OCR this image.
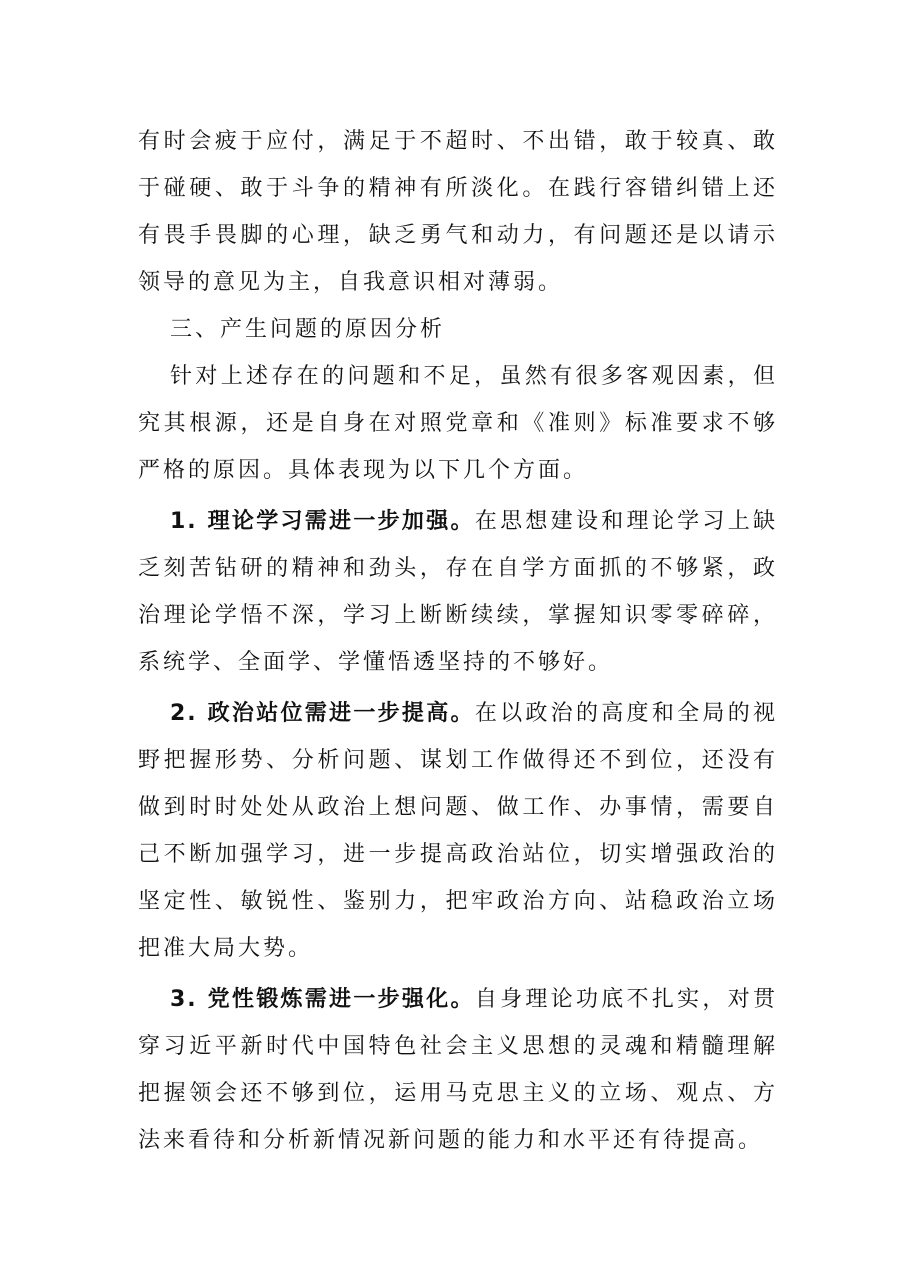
有时会疲于应付，满足于不超时、不出错，敢于较真、敢于碰硬、敢于斗争的精神有所淡化。在践行容错纠错上还有畏手畏脚的心理，缺乏勇气和动力，有问题还是以请示领导的意见为主，自我意识相对薄弱。

三、产生问题的原因分析

针对上述存在的问题和不足，虽然有很多客观因素，但究其根源，还是自身在对照党章和《准则》标准要求不够严格的原因。具体表现为以下几个方面。

1. 理论学习需进一步加强。在思想建设和理论学习上缺乏刻苦钻研的精神和劲头，存在自学方面抓的不够紧，政治理论学悟不深，学习上断断续续，掌握知识零零碎碎，系统学、全面学、学懂悟透坚持的不够好。

2. 政治站位需进一步提高。在以政治的高度和全局的视野把握形势、分析问题、谋划工作做得还不到位，还没有做到时时处处从政治上想问题、做工作、办事情，需要自己不断加强学习，进一步提高政治站位，切实增强政治的坚定性、敏锐性、鉴别力，把牢政治方向、站稳政治立场把准大局大势。

3. 党性锻炼需进一步强化。自身理论功底不扎实，对贯穿习近平新时代中国特色社会主义思想的灵魂和精髓理解把握领会还不够到位，运用马克思主义的立场、观点、方法来看待和分析新情况新问题的能力和水平还有待提高。
